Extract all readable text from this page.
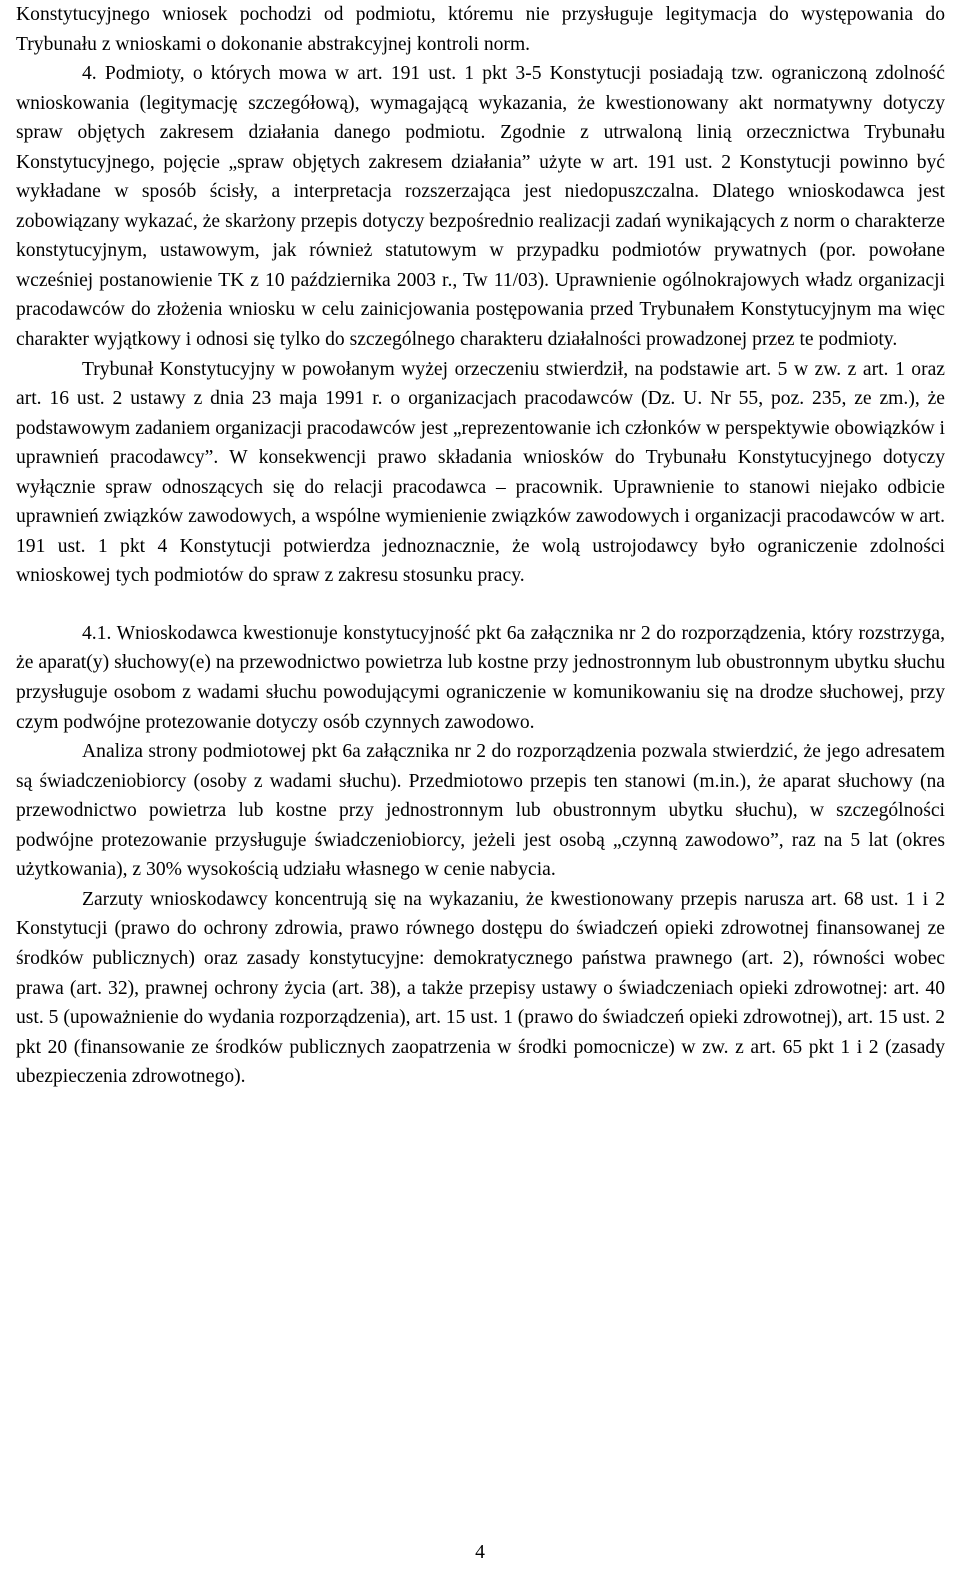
Konstytucyjnego wniosek pochodzi od podmiotu, któremu nie przysługuje legitymacja do występowania do Trybunału z wnioskami o dokonanie abstrakcyjnej kontroli norm.

4. Podmioty, o których mowa w art. 191 ust. 1 pkt 3-5 Konstytucji posiadają tzw. ograniczoną zdolność wnioskowania (legitymację szczegółową), wymagającą wykazania, że kwestionowany akt normatywny dotyczy spraw objętych zakresem działania danego podmiotu. Zgodnie z utrwaloną linią orzecznictwa Trybunału Konstytucyjnego, pojęcie „spraw objętych zakresem działania” użyte w art. 191 ust. 2 Konstytucji powinno być wykładane w sposób ścisły, a interpretacja rozszerzająca jest niedopuszczalna. Dlatego wnioskodawca jest zobowiązany wykazać, że skarżony przepis dotyczy bezpośrednio realizacji zadań wynikających z norm o charakterze konstytucyjnym, ustawowym, jak również statutowym w przypadku podmiotów prywatnych (por. powołane wcześniej postanowienie TK z 10 października 2003 r., Tw 11/03). Uprawnienie ogólnokrajowych władz organizacji pracodawców do złożenia wniosku w celu zainicjowania postępowania przed Trybunałem Konstytucyjnym ma więc charakter wyjątkowy i odnosi się tylko do szczególnego charakteru działalności prowadzonej przez te podmioty.

Trybunał Konstytucyjny w powołanym wyżej orzeczeniu stwierdził, na podstawie art. 5 w zw. z art. 1 oraz art. 16 ust. 2 ustawy z dnia 23 maja 1991 r. o organizacjach pracodawców (Dz. U. Nr 55, poz. 235, ze zm.), że podstawowym zadaniem organizacji pracodawców jest „reprezentowanie ich członków w perspektywie obowiązków i uprawnień pracodawcy”. W konsekwencji prawo składania wniosków do Trybunału Konstytucyjnego dotyczy wyłącznie spraw odnoszących się do relacji pracodawca – pracownik. Uprawnienie to stanowi niejako odbicie uprawnień związków zawodowych, a wspólne wymienienie związków zawodowych i organizacji pracodawców w art. 191 ust. 1 pkt 4 Konstytucji potwierdza jednoznacznie, że wolą ustrojodawcy było ograniczenie zdolności wnioskowej tych podmiotów do spraw z zakresu stosunku pracy.

4.1. Wnioskodawca kwestionuje konstytucyjność pkt 6a załącznika nr 2 do rozporządzenia, który rozstrzyga, że aparat(y) słuchowy(e) na przewodnictwo powietrza lub kostne przy jednostronnym lub obustronnym ubytku słuchu przysługuje osobom z wadami słuchu powodującymi ograniczenie w komunikowaniu się na drodze słuchowej, przy czym podwójne protezowanie dotyczy osób czynnych zawodowo.

Analiza strony podmiotowej pkt 6a załącznika nr 2 do rozporządzenia pozwala stwierdzić, że jego adresatem są świadczeniobiorcy (osoby z wadami słuchu). Przedmiotowo przepis ten stanowi (m.in.), że aparat słuchowy (na przewodnictwo powietrza lub kostne przy jednostronnym lub obustronnym ubytku słuchu), w szczególności podwójne protezowanie przysługuje świadczeniobiorcy, jeżeli jest osobą „czynną zawodowo”, raz na 5 lat (okres użytkowania), z 30% wysokością udziału własnego w cenie nabycia.

Zarzuty wnioskodawcy koncentrują się na wykazaniu, że kwestionowany przepis narusza art. 68 ust. 1 i 2 Konstytucji (prawo do ochrony zdrowia, prawo równego dostępu do świadczeń opieki zdrowotnej finansowanej ze środków publicznych) oraz zasady konstytucyjne: demokratycznego państwa prawnego (art. 2), równości wobec prawa (art. 32), prawnej ochrony życia (art. 38), a także przepisy ustawy o świadczeniach opieki zdrowotnej: art. 40 ust. 5 (upoważnienie do wydania rozporządzenia), art. 15 ust. 1 (prawo do świadczeń opieki zdrowotnej), art. 15 ust. 2 pkt 20 (finansowanie ze środków publicznych zaopatrzenia w środki pomocnicze) w zw. z art. 65 pkt 1 i 2 (zasady ubezpieczenia zdrowotnego).

4
